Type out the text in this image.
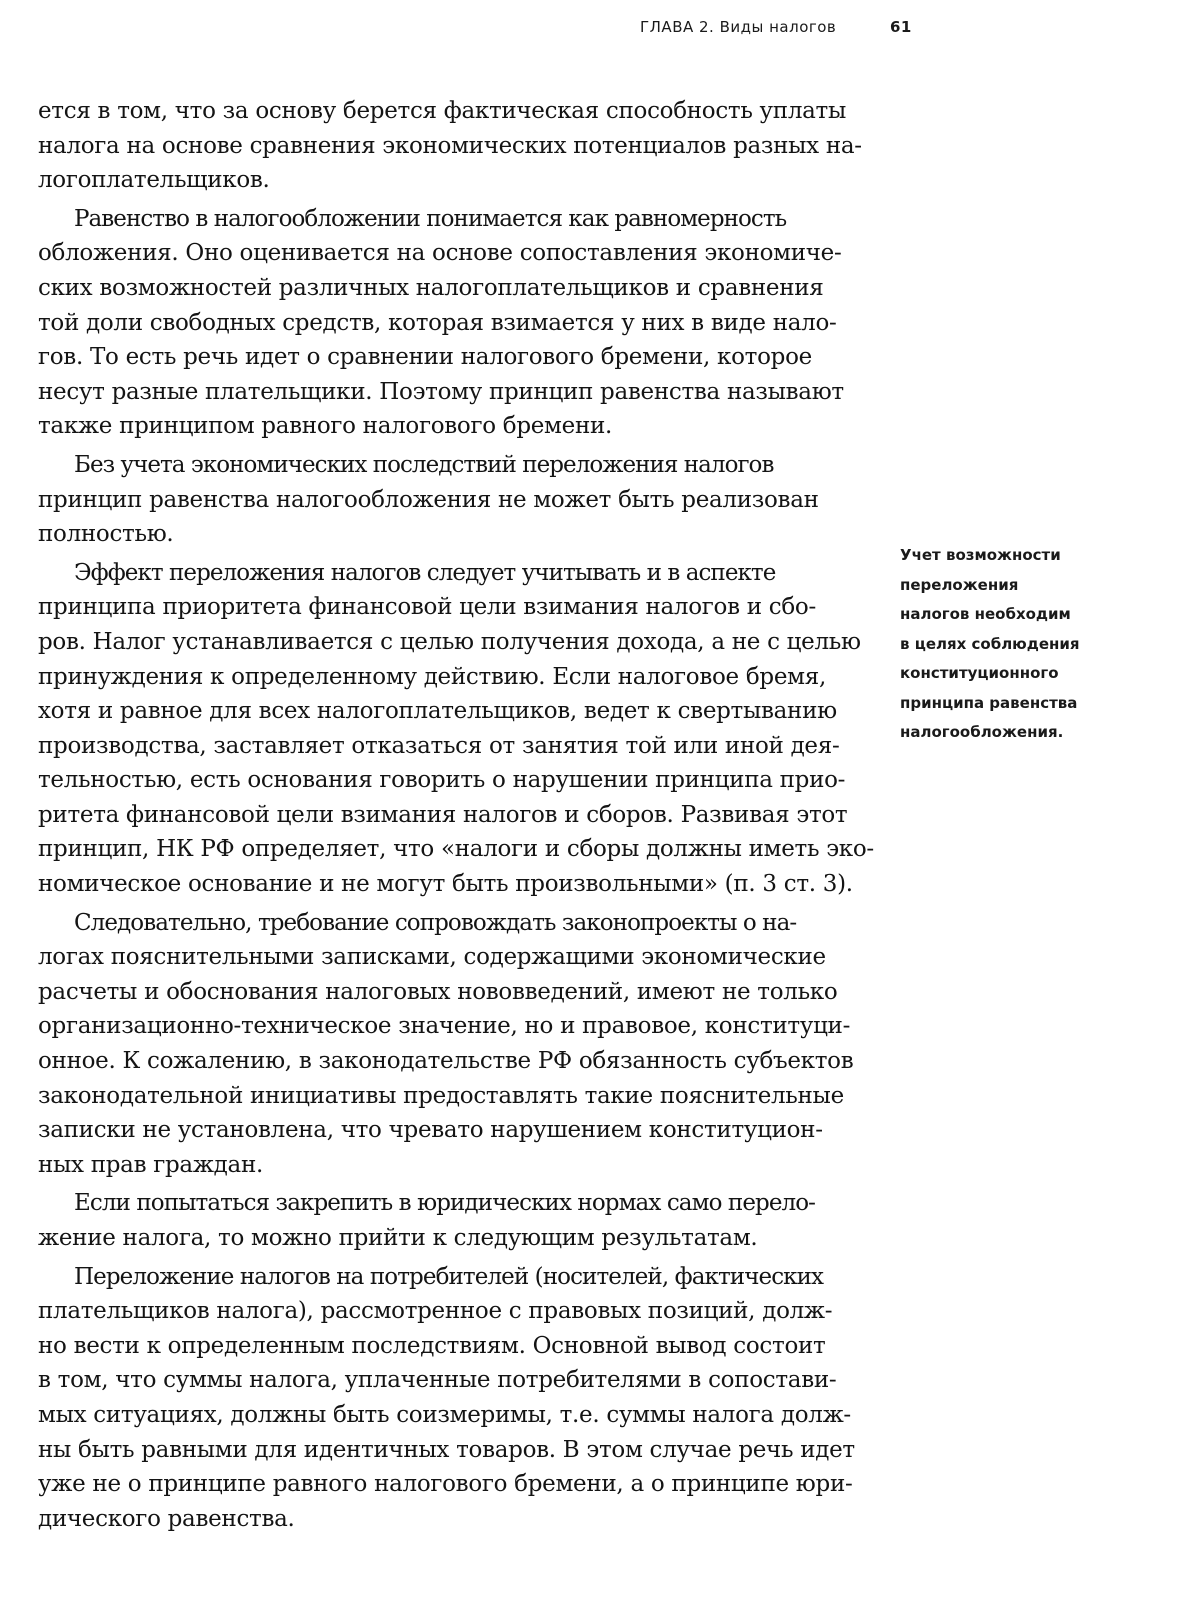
ГЛАВА 2. Виды налогов	61
ется в том, что за основу берется фактическая способность уплаты
налога на основе сравнения экономических потенциалов разных на-
логоплательщиков.
Равенство в налогообложении понимается как равномерность
обложения. Оно оценивается на основе сопоставления экономиче-
ских возможностей различных налогоплательщиков и сравнения
той доли свободных средств, которая взимается у них в виде нало-
гов. То есть речь идет о сравнении налогового бремени, которое
несут разные плательщики. Поэтому принцип равенства называют
также принципом равного налогового бремени.
Без учета экономических последствий переложения налогов
принцип равенства налогообложения не может быть реализован
полностью.
Эффект переложения налогов следует учитывать и в аспекте
принципа приоритета финансовой цели взимания налогов и сбо-
ров. Налог устанавливается с целью получения дохода, а не с целью
принуждения к определенному действию. Если налоговое бремя,
хотя и равное для всех налогоплательщиков, ведет к свертыванию
производства, заставляет отказаться от занятия той или иной дея-
тельностью, есть основания говорить о нарушении принципа прио-
ритета финансовой цели взимания налогов и сборов. Развивая этот
принцип, НК РФ определяет, что «налоги и сборы должны иметь эко-
номическое основание и не могут быть произвольными» (п. 3 ст. 3).
Следовательно, требование сопровождать законопроекты о на-
логах пояснительными записками, содержащими экономические
расчеты и обоснования налоговых нововведений, имеют не только
организационно-техническое значение, но и правовое, конституци-
онное. К сожалению, в законодательстве РФ обязанность субъектов
законодательной инициативы предоставлять такие пояснительные
записки не установлена, что чревато нарушением конституцион-
ных прав граждан.
Если попытаться закрепить в юридических нормах само перело-
жение налога, то можно прийти к следующим результатам.
Переложение налогов на потребителей (носителей, фактических
плательщиков налога), рассмотренное с правовых позиций, долж-
но вести к определенным последствиям. Основной вывод состоит
в том, что суммы налога, уплаченные потребителями в сопостави-
мых ситуациях, должны быть соизмеримы, т.е. суммы налога долж-
ны быть равными для идентичных товаров. В этом случае речь идет
уже не о принципе равного налогового бремени, а о принципе юри-
дического равенства.
Учет возможности
переложения
налогов необходим
в целях соблюдения
конституционного
принципа равенства
налогообложения.
